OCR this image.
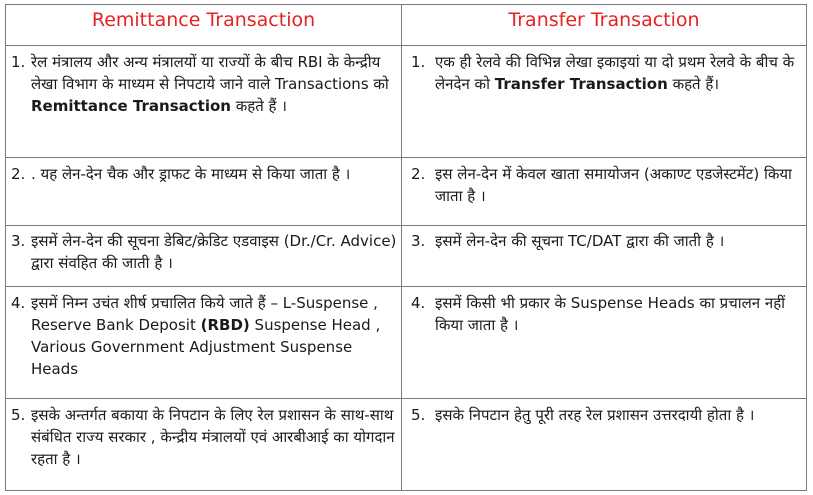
Remittance Transaction	Transfer Transaction
1. रेल मंत्रालय और अन्य मंत्रालयों या राज्यों के बीच RBI के केन्द्रीय लेखा विभाग के माध्यम से निपटाये जाने वाले Transactions को Remittance Transaction कहते हैं ।
1. एक ही रेलवे की विभिन्न लेखा इकाइयां या दो प्रथम रेलवे के बीच के लेनदेन को Transfer Transaction कहते हैं।
2. . यह लेन-देन चैक और ड्राफट के माध्यम से किया जाता है ।	2. इस लेन-देन में केवल खाता समायोजन (अकाण्ट एडजेस्टमेंट) किया जाता है ।
3. इसमें लेन-देन की सूचना डेबिट/क्रेडिट एडवाइस (Dr./Cr. Advice) द्वारा संवहित की जाती है ।
3. इसमें लेन-देन की सूचना TC/DAT द्वारा की जाती है ।
4. इसमें निम्न उचंत शीर्ष प्रचालित किये जाते हैं – L-Suspense , Reserve Bank Deposit (RBD) Suspense Head , Various Government Adjustment Suspense Heads
4. इसमें किसी भी प्रकार के Suspense Heads का प्रचालन नहीं किया जाता है ।
5. इसके अन्तर्गत बकाया के निपटान के लिए रेल प्रशासन के साथ-साथ संबंधित राज्य सरकार , केन्द्रीय मंत्रालयों एवं आरबीआई का योगदान रहता है ।
5. इसके निपटान हेतु पूरी तरह रेल प्रशासन उत्तरदायी होता है ।
